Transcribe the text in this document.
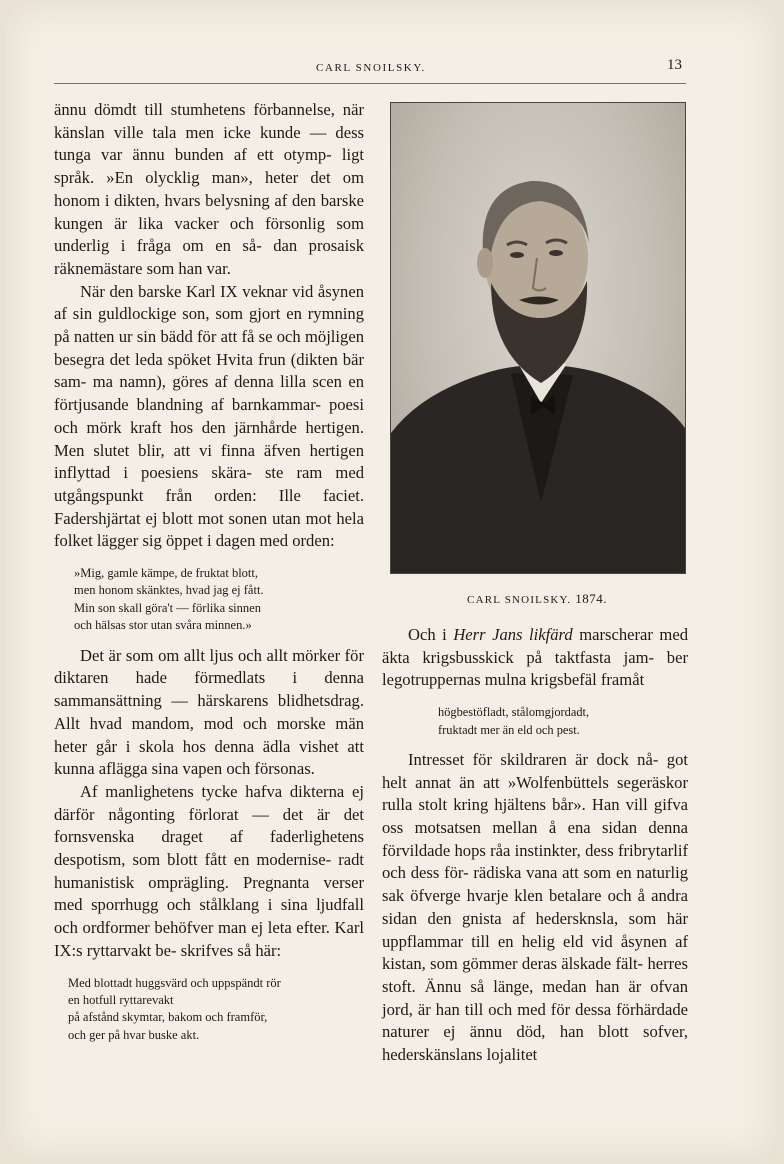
CARL SNOILSKY.	13

ännu dömdt till stumhetens förbannelse, när känslan ville tala men icke kunde — dess tunga var ännu bunden af ett otymp- ligt språk. »En olycklig man», heter det om honom i dikten, hvars belysning af den barske kungen är lika vacker och försonlig som underlig i fråga om en så- dan prosaisk räknemästare som han var.

När den barske Karl IX veknar vid åsynen af sin guldlockige son, som gjort en rymning på natten ur sin bädd för att få se och möjligen besegra det leda spöket Hvita frun (dikten bär sam- ma namn), göres af denna lilla scen en förtjusande blandning af barnkammar- poesi och mörk kraft hos den järnhårde hertigen. Men slutet blir, att vi finna äfven hertigen inflyttad i poesiens skära- ste ram med utgångspunkt från orden: Ille faciet. Fadershjärtat ej blott mot sonen utan mot hela folket lägger sig öppet i dagen med orden:

»Mig, gamle kämpe, de fruktat blott,
men honom skänktes, hvad jag ej fått.
Min son skall göra't — förlika sinnen
och hälsas stor utan svåra minnen.»

Det är som om allt ljus och allt mörker för diktaren hade förmedlats i denna sammansättning — härskarens blidhetsdrag. Allt hvad mandom, mod och morske män heter går i skola hos denna ädla vishet att kunna aflägga sina vapen och försonas.

Af manlighetens tycke hafva dikterna ej därför någonting förlorat — det är det fornsvenska draget af faderlighetens despotism, som blott fått en modernise- radt humanistisk omprägling. Pregnanta verser med sporrhugg och stålklang i sina ljudfall och ordformer behöfver man ej leta efter. Karl IX:s ryttarvakt be- skrifves så här:

Med blottadt huggsvärd och uppspändt rör
en hotfull ryttarevakt
på afstånd skymtar, bakom och framför,
och ger på hvar buske akt.
CARL SNOILSKY. 1874.

Och i Herr Jans likfärd marscherar med äkta krigsbusskick på taktfasta jam- ber legotruppernas mulna krigsbefäl framåt

högbestöfladt, stålomgjordadt,
fruktadt mer än eld och pest.

Intresset för skildraren är dock nå- got helt annat än att »Wolfenbüttels segeräskor rulla stolt kring hjältens bår». Han vill gifva oss motsatsen mellan å ena sidan denna förvildade hops råa instinkter, dess fribrytarlif och dess för- rädiska vana att som en naturlig sak öfverge hvarje klen betalare och å andra sidan den gnista af hedersknsla, som här uppflammar till en helig eld vid åsynen af kistan, som gömmer deras älskade fält- herres stoft. Ännu så länge, medan han är ofvan jord, är han till och med för dessa förhärdade naturer ej ännu död, han blott sofver, hederskänslans lojalitet
